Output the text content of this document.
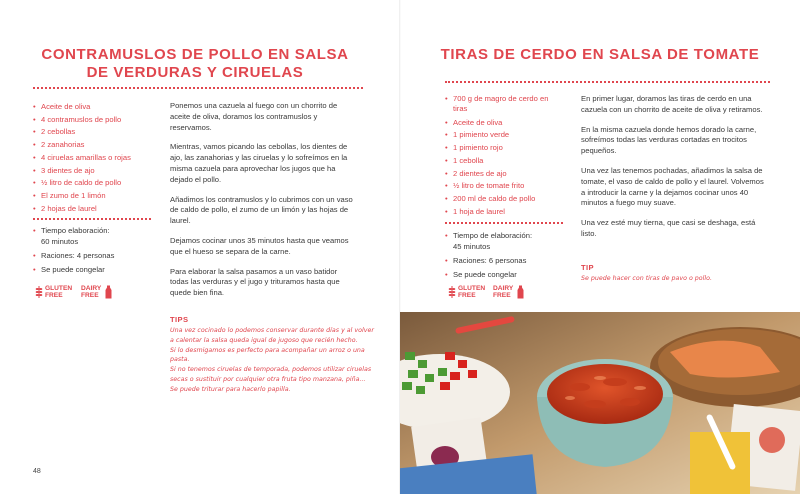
CONTRAMUSLOS DE POLLO EN SALSA
DE VERDURAS Y CIRUELAS
• Aceite de oliva
• 4 contramuslos de pollo
• 2 cebollas
• 2 zanahorias
• 4 ciruelas amarillas o rojas
• 3 dientes de ajo
• ½ litro de caldo de pollo
• El zumo de 1 limón
• 2 hojas de laurel
• Tiempo elaboración:
60 minutos
• Raciones: 4 personas
• Se puede congelar
GLUTEN
FREE
DAIRY
FREE

Ponemos una cazuela al fuego con un chorrito de aceite de oliva, doramos los contramuslos y reservamos.

Mientras, vamos picando las cebollas, los dientes de ajo, las zanahorias y las ciruelas y lo sofreímos en la misma cazuela para aprovechar los jugos que ha dejado el pollo.

Añadimos los contramuslos y lo cubrimos con un vaso de caldo de pollo, el zumo de un limón y las hojas de laurel.

Dejamos cocinar unos 35 minutos hasta que veamos que el hueso se separa de la carne.

Para elaborar la salsa pasamos a un vaso batidor todas las verduras y el jugo y trituramos hasta que quede bien fina.

TIPS
Una vez cocinado lo podemos conservar durante días y al volver
a calentar la salsa queda igual de jugoso que recién hecho.
Si lo desmigamos es perfecto para acompañar un arroz o una
pasta.
Si no tenemos ciruelas de temporada, podemos utilizar ciruelas
secas o sustituir por cualquier otra fruta tipo manzana, piña...
Se puede triturar para hacerlo papilla.
48
TIRAS DE CERDO EN SALSA DE TOMATE
• 700 g de magro de cerdo en tiras
• Aceite de oliva
• 1 pimiento verde
• 1 pimiento rojo
• 1 cebolla
• 2 dientes de ajo
• ½ litro de tomate frito
• 200 ml de caldo de pollo
• 1 hoja de laurel
• Tiempo de elaboración:
45 minutos
• Raciones: 6 personas
• Se puede congelar
GLUTEN
FREE
DAIRY
FREE

En primer lugar, doramos las tiras de cerdo en una cazuela con un chorrito de aceite de oliva y retiramos.

En la misma cazuela donde hemos dorado la carne, sofreímos todas las verduras cortadas en trocitos pequeños.

Una vez las tenemos pochadas, añadimos la salsa de tomate, el vaso de caldo de pollo y el laurel. Volvemos a introducir la carne y la dejamos cocinar unos 40 minutos a fuego muy suave.

Una vez esté muy tierna, que casi se deshaga, está listo.

TIP
Se puede hacer con tiras de pavo o pollo.
